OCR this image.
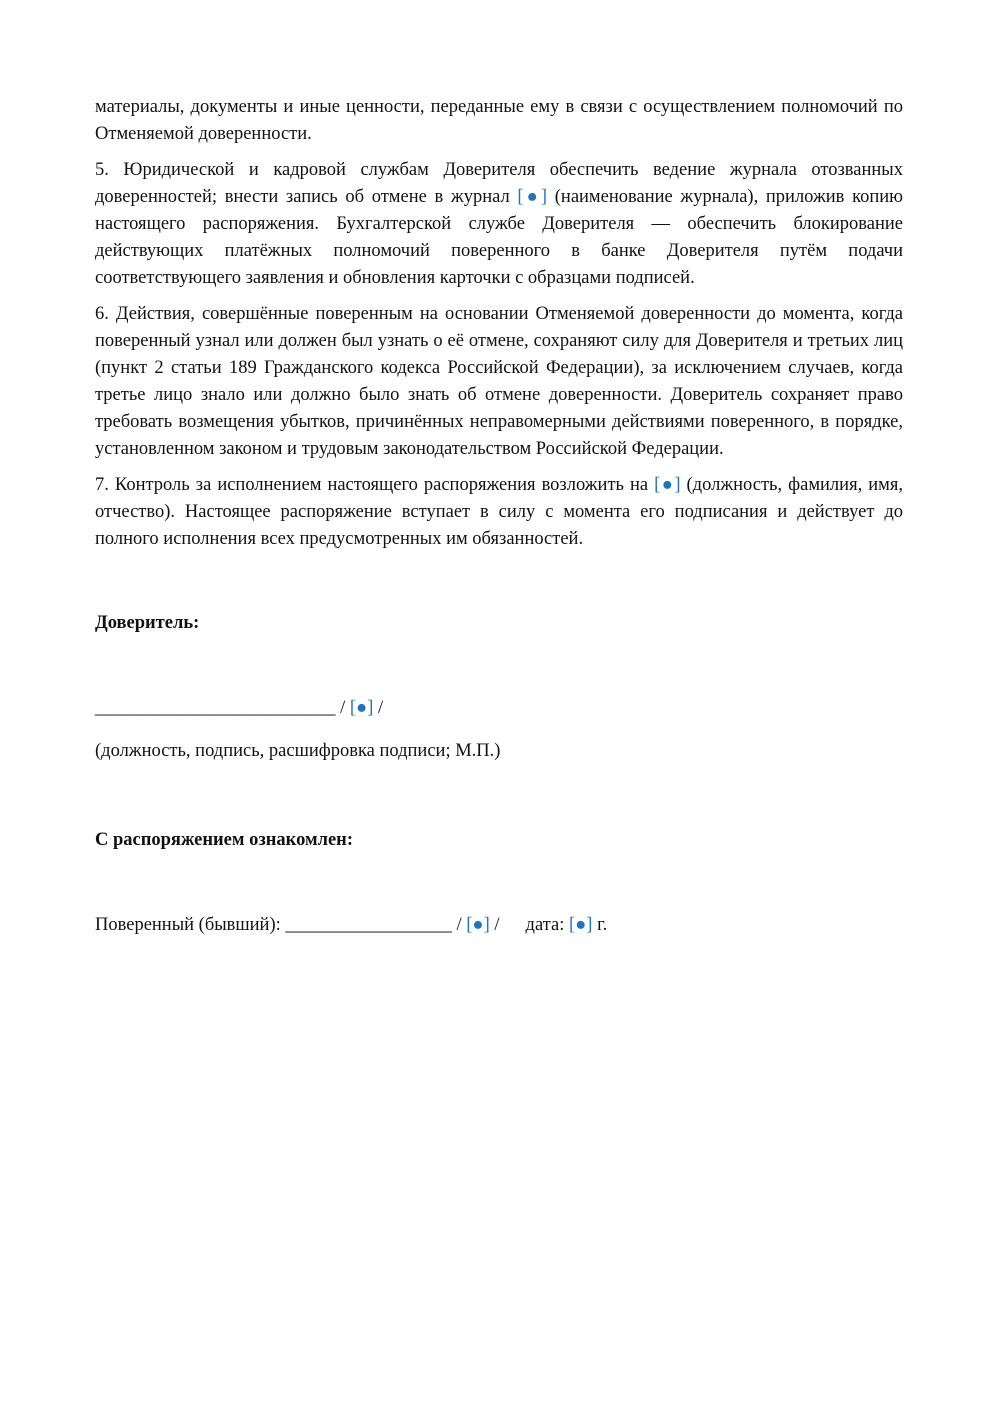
материалы, документы и иные ценности, переданные ему в связи с осуществлением полномочий по Отменяемой доверенности.

5. Юридической и кадровой службам Доверителя обеспечить ведение журнала отозванных доверенностей; внести запись об отмене в журнал [●] (наименование журнала), приложив копию настоящего распоряжения. Бухгалтерской службе Доверителя — обеспечить блокирование действующих платёжных полномочий поверенного в банке Доверителя путём подачи соответствующего заявления и обновления карточки с образцами подписей.

6. Действия, совершённые поверенным на основании Отменяемой доверенности до момента, когда поверенный узнал или должен был узнать о её отмене, сохраняют силу для Доверителя и третьих лиц (пункт 2 статьи 189 Гражданского кодекса Российской Федерации), за исключением случаев, когда третье лицо знало или должно было знать об отмене доверенности. Доверитель сохраняет право требовать возмещения убытков, причинённых неправомерными действиями поверенного, в порядке, установленном законом и трудовым законодательством Российской Федерации.

7. Контроль за исполнением настоящего распоряжения возложить на [●] (должность, фамилия, имя, отчество). Настоящее распоряжение вступает в силу с момента его подписания и действует до полного исполнения всех предусмотренных им обязанностей.

Доверитель:

__________________________ / [●] /

(должность, подпись, расшифровка подписи; М.П.)

С распоряжением ознакомлен:

Поверенный (бывший): __________________ / [●] / дата: [●] г.
